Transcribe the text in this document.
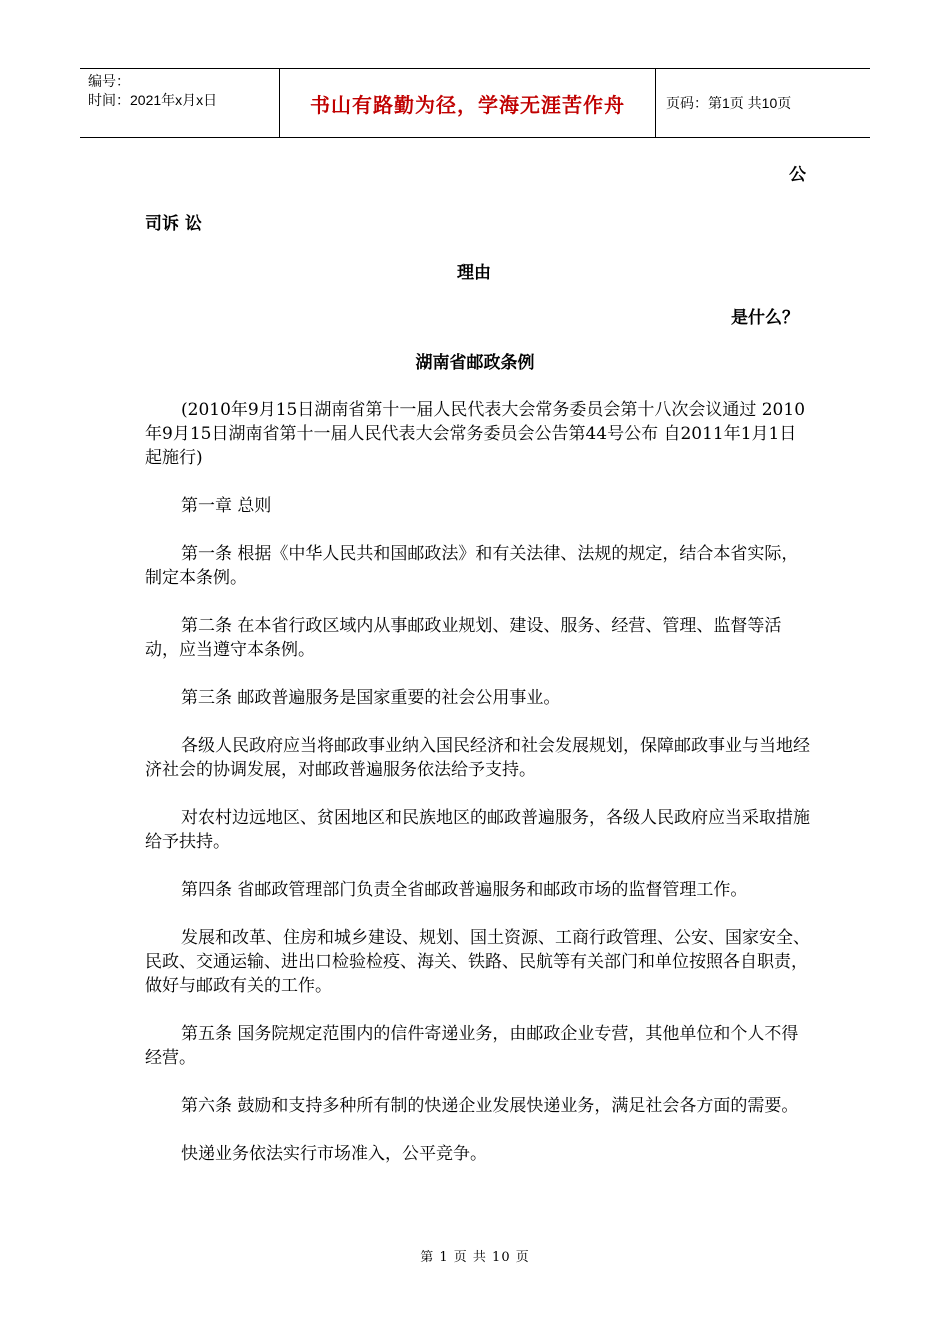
编号：
时间：2021年x月x日	书山有路勤为径，学海无涯苦作舟	页码：第1页 共10页
公
司诉 讼
理由
是什么？
湖南省邮政条例

(2010年9月15日湖南省第十一届人民代表大会常务委员会第十八次会议通过 2010年9月15日湖南省第十一届人民代表大会常务委员会公告第44号公布 自2011年1月1日起施行)

第一章 总则

第一条 根据《中华人民共和国邮政法》和有关法律、法规的规定，结合本省实际，制定本条例。

第二条 在本省行政区域内从事邮政业规划、建设、服务、经营、管理、监督等活动，应当遵守本条例。

第三条 邮政普遍服务是国家重要的社会公用事业。

各级人民政府应当将邮政事业纳入国民经济和社会发展规划，保障邮政事业与当地经济社会的协调发展，对邮政普遍服务依法给予支持。

对农村边远地区、贫困地区和民族地区的邮政普遍服务，各级人民政府应当采取措施给予扶持。

第四条 省邮政管理部门负责全省邮政普遍服务和邮政市场的监督管理工作。

发展和改革、住房和城乡建设、规划、国土资源、工商行政管理、公安、国家安全、民政、交通运输、进出口检验检疫、海关、铁路、民航等有关部门和单位按照各自职责，做好与邮政有关的工作。

第五条 国务院规定范围内的信件寄递业务，由邮政企业专营，其他单位和个人不得经营。

第六条 鼓励和支持多种所有制的快递企业发展快递业务，满足社会各方面的需要。

快递业务依法实行市场准入，公平竞争。

第 1 页 共 10 页
